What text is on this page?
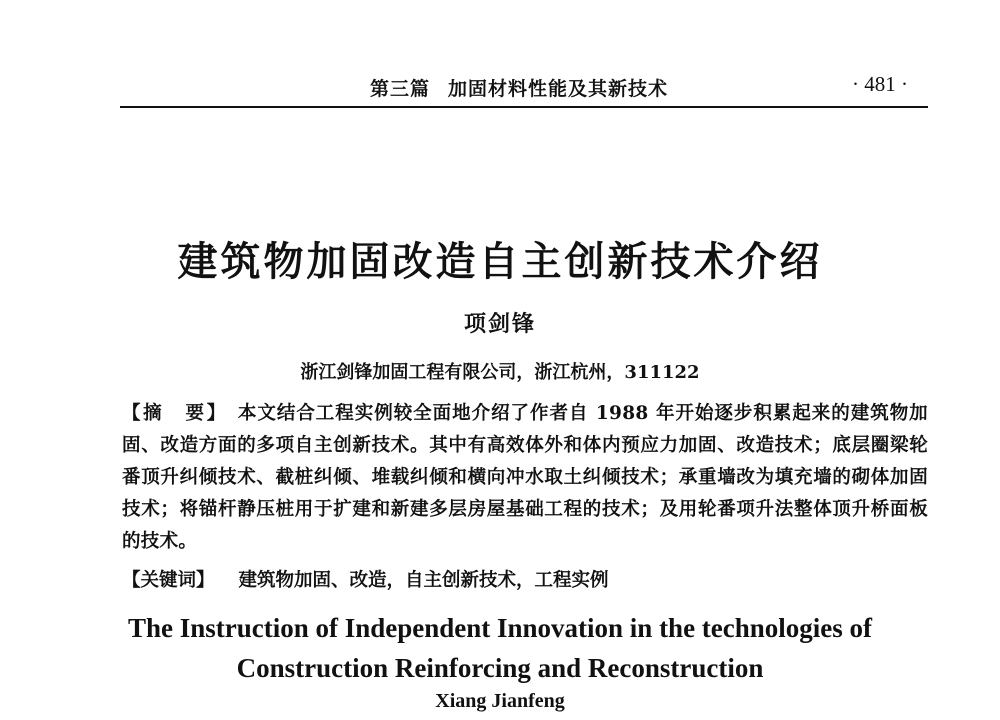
第三篇 加固材料性能及其新技术	· 481 ·
建筑物加固改造自主创新技术介绍
项剑锋
浙江剑锋加固工程有限公司，浙江杭州，311122
【摘　要】 本文结合工程实例较全面地介绍了作者自 1988 年开始逐步积累起来的建筑物加固、改造方面的多项自主创新技术。其中有高效体外和体内预应力加固、改造技术；底层圈梁轮番顶升纠倾技术、截桩纠倾、堆载纠倾和横向冲水取土纠倾技术；承重墙改为填充墙的砌体加固技术；将锚杆静压桩用于扩建和新建多层房屋基础工程的技术；及用轮番项升法整体顶升桥面板的技术。
【关键词】 建筑物加固、改造，自主创新技术，工程实例
The Instruction of Independent Innovation in the technologies of
Construction Reinforcing and Reconstruction
Xiang Jianfeng
